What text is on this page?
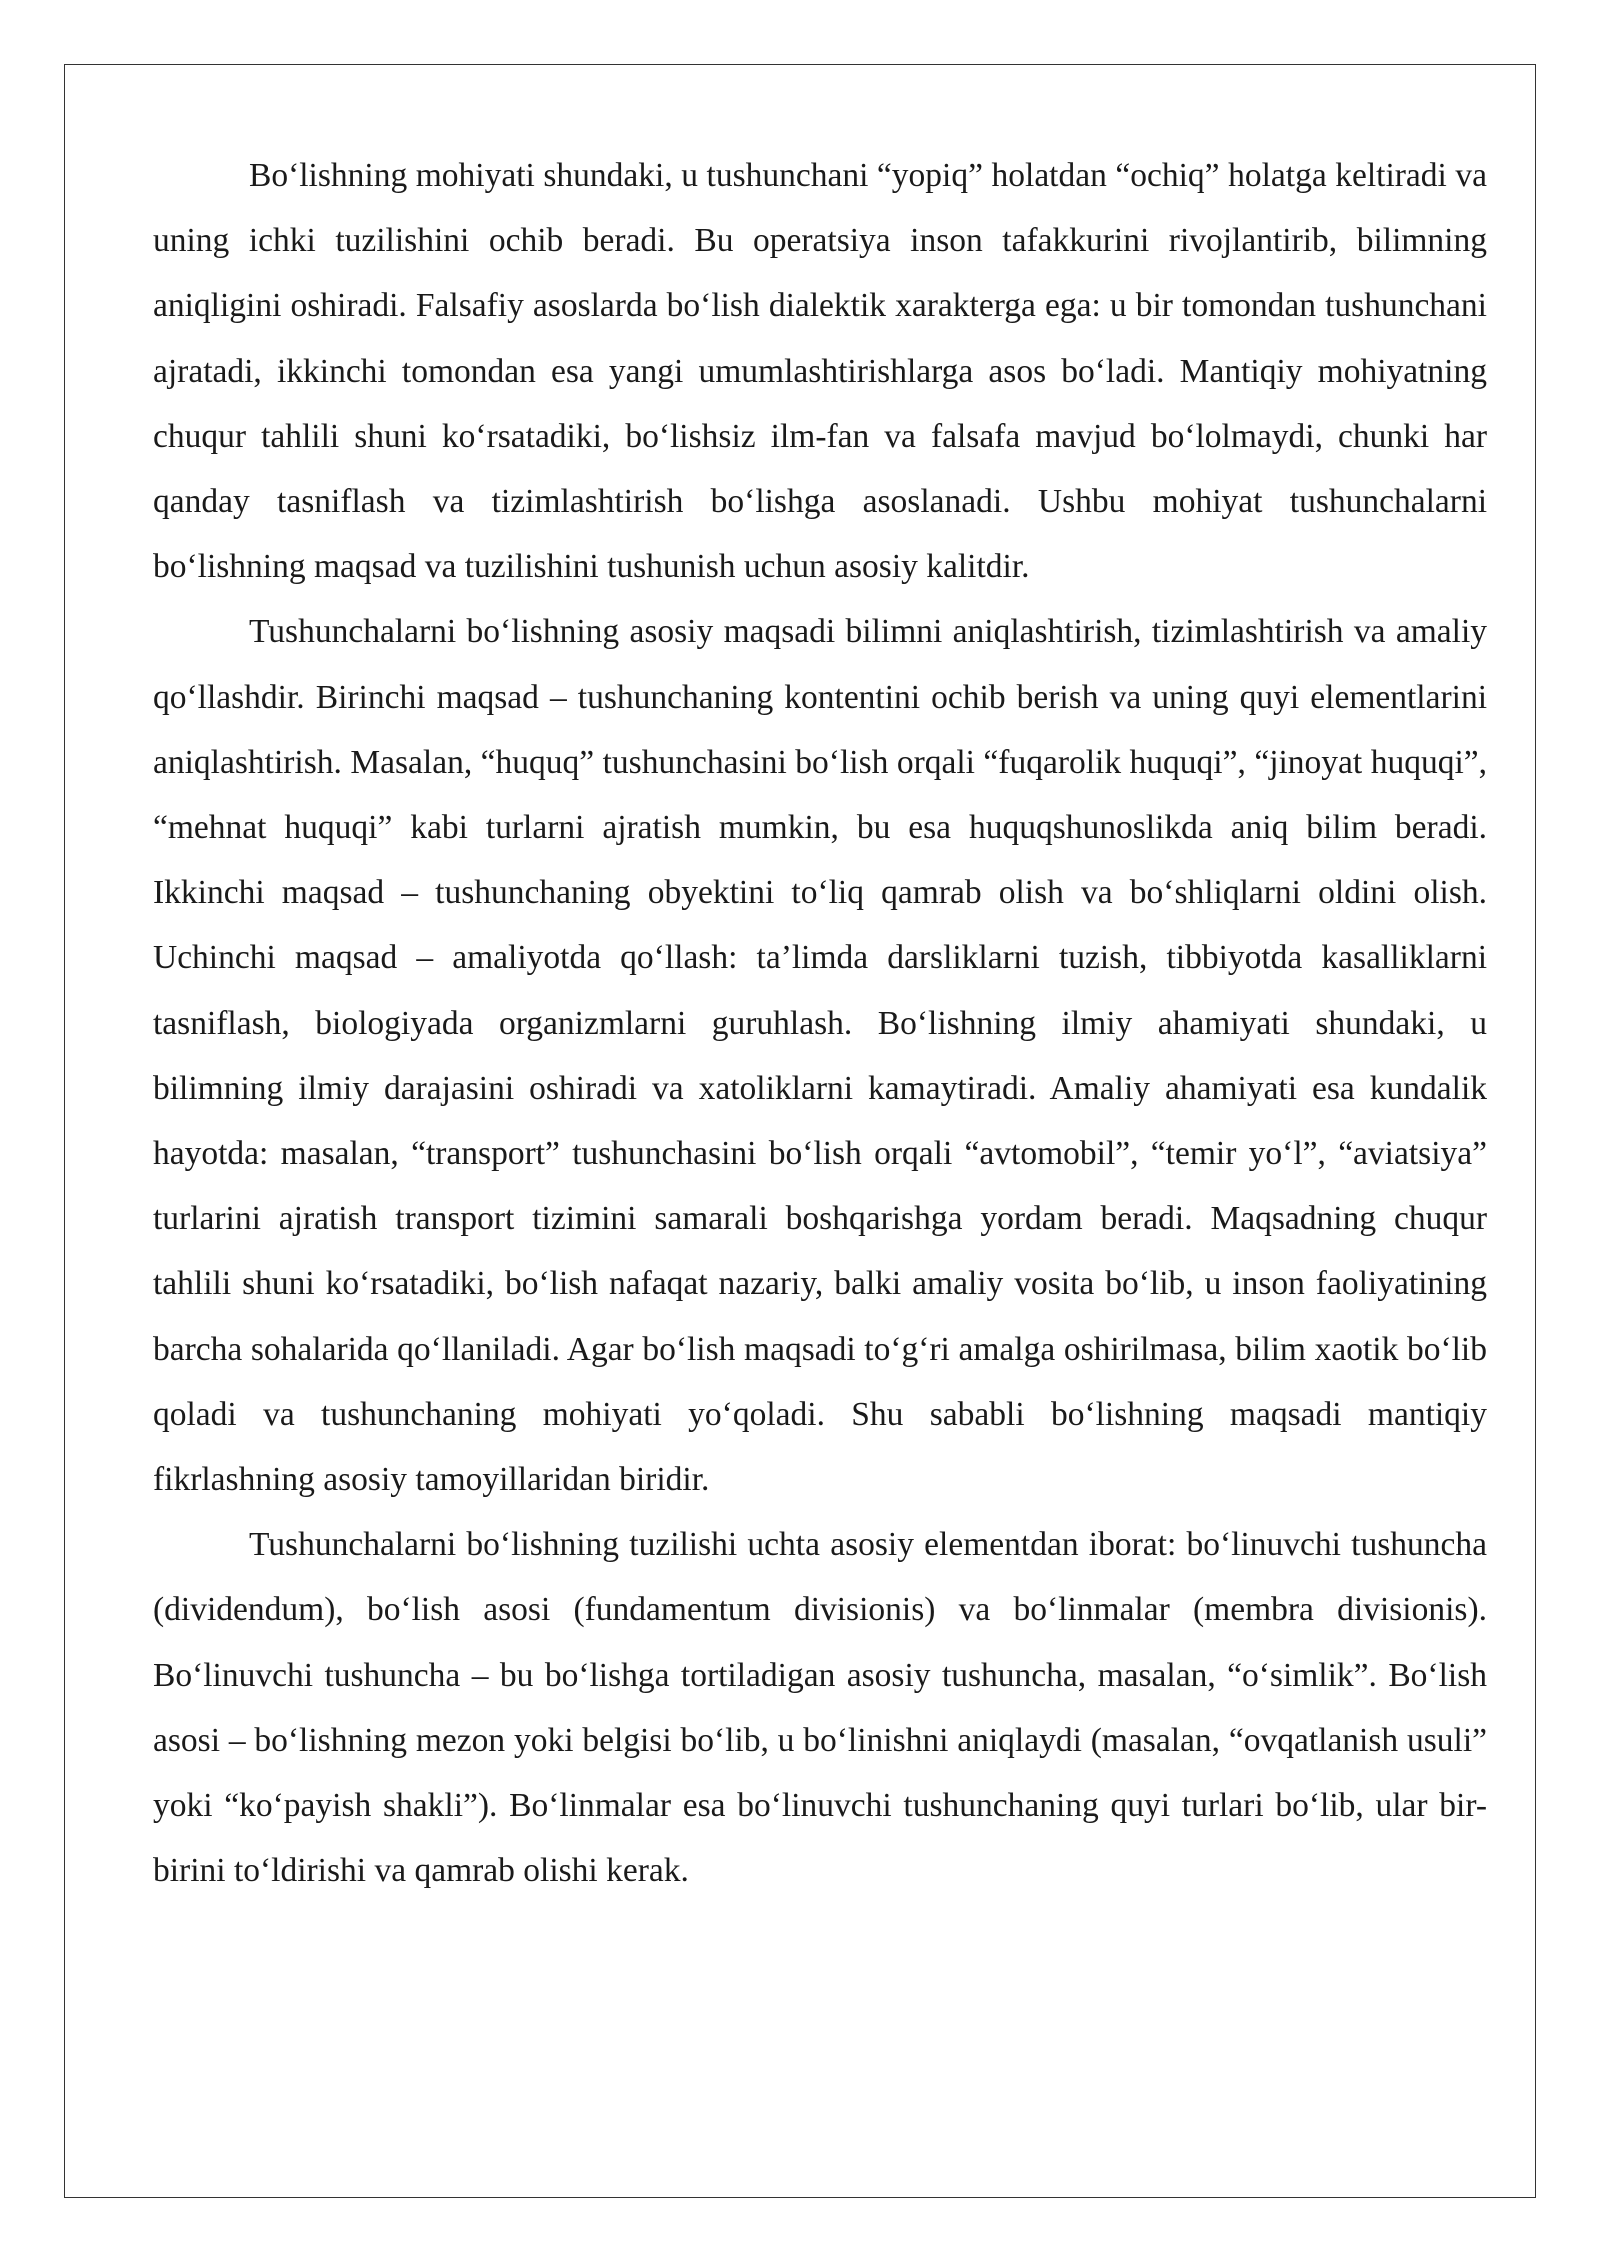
Bo‘lishning mohiyati shundaki, u tushunchani “yopiq” holatdan “ochiq” holatga keltiradi va uning ichki tuzilishini ochib beradi. Bu operatsiya inson tafakkurini rivojlantirib, bilimning aniqligini oshiradi. Falsafiy asoslarda bo‘lish dialektik xarakterga ega: u bir tomondan tushunchani ajratadi, ikkinchi tomondan esa yangi umumlashtirishlarga asos bo‘ladi. Mantiqiy mohiyatning chuqur tahlili shuni ko‘rsatadiki, bo‘lishsiz ilm-fan va falsafa mavjud bo‘lolmaydi, chunki har qanday tasniflash va tizimlashtirish bo‘lishga asoslanadi. Ushbu mohiyat tushunchalarni bo‘lishning maqsad va tuzilishini tushunish uchun asosiy kalitdir.

Tushunchalarni bo‘lishning asosiy maqsadi bilimni aniqlashtirish, tizimlashtirish va amaliy qo‘llashdir. Birinchi maqsad – tushunchaning kontentini ochib berish va uning quyi elementlarini aniqlashtirish. Masalan, “huquq” tushunchasini bo‘lish orqali “fuqarolik huquqi”, “jinoyat huquqi”, “mehnat huquqi” kabi turlarni ajratish mumkin, bu esa huquqshunoslikda aniq bilim beradi. Ikkinchi maqsad – tushunchaning obyektini to‘liq qamrab olish va bo‘shliqlarni oldini olish. Uchinchi maqsad – amaliyotda qo‘llash: ta’limda darsliklarni tuzish, tibbiyotda kasalliklarni tasniflash, biologiyada organizmlarni guruhlash. Bo‘lishning ilmiy ahamiyati shundaki, u bilimning ilmiy darajasini oshiradi va xatoliklarni kamaytiradi. Amaliy ahamiyati esa kundalik hayotda: masalan, “transport” tushunchasini bo‘lish orqali “avtomobil”, “temir yo‘l”, “aviatsiya” turlarini ajratish transport tizimini samarali boshqarishga yordam beradi. Maqsadning chuqur tahlili shuni ko‘rsatadiki, bo‘lish nafaqat nazariy, balki amaliy vosita bo‘lib, u inson faoliyatining barcha sohalarida qo‘llaniladi. Agar bo‘lish maqsadi to‘g‘ri amalga oshirilmasa, bilim xaotik bo‘lib qoladi va tushunchaning mohiyati yo‘qoladi. Shu sababli bo‘lishning maqsadi mantiqiy fikrlashning asosiy tamoyillaridan biridir.

Tushunchalarni bo‘lishning tuzilishi uchta asosiy elementdan iborat: bo‘linuvchi tushuncha (dividendum), bo‘lish asosi (fundamentum divisionis) va bo‘linmalar (membra divisionis). Bo‘linuvchi tushuncha – bu bo‘lishga tortiladigan asosiy tushuncha, masalan, “o‘simlik”. Bo‘lish asosi – bo‘lishning mezon yoki belgisi bo‘lib, u bo‘linishni aniqlaydi (masalan, “ovqatlanish usuli” yoki “ko‘payish shakli”). Bo‘linmalar esa bo‘linuvchi tushunchaning quyi turlari bo‘lib, ular bir-birini to‘ldirishi va qamrab olishi kerak.
